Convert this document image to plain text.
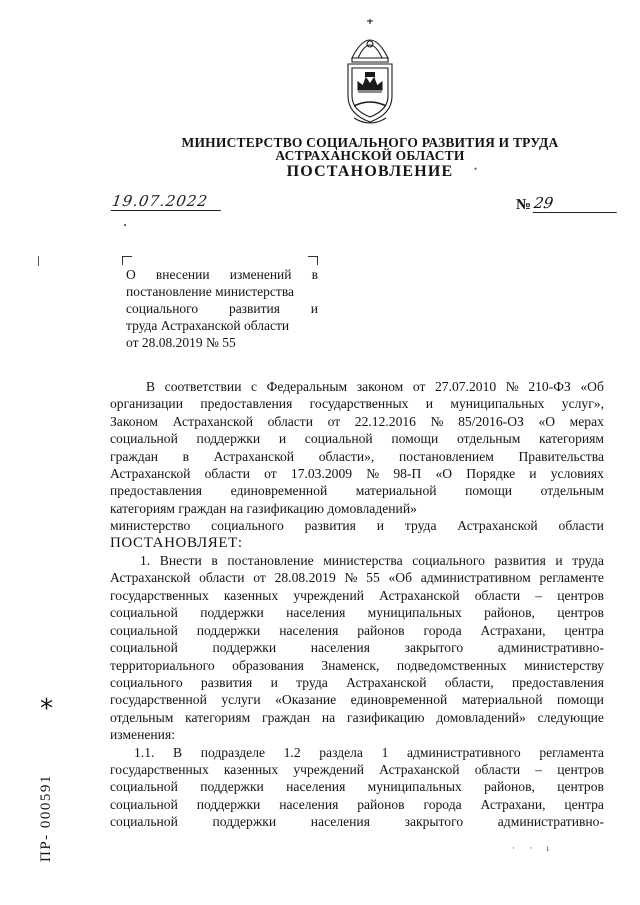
МИНИСТЕРСТВО СОЦИАЛЬНОГО РАЗВИТИЯ И ТРУДА
АСТРАХАНСКОЙ ОБЛАСТИ
ПОСТАНОВЛЕНИЕ	•
19.07.2022	№ 29
О внесении изменений в
постановление министерства
социального развития и
труда Астраханской области
от 28.08.2019 № 55
В соответствии с Федеральным законом от 27.07.2010 № 210-ФЗ «Об
организации предоставления государственных и муниципальных услуг»,
Законом Астраханской области от 22.12.2016 № 85/2016-ОЗ «О мерах
социальной поддержки и социальной помощи отдельным категориям
граждан в Астраханской области», постановлением Правительства
Астраханской области от 17.03.2009 № 98-П «О Порядке и условиях
предоставления единовременной материальной помощи отдельным
категориям граждан на газификацию домовладений»
министерство социального развития и труда Астраханской области
ПОСТАНОВЛЯЕТ:
1. Внести в постановление министерства социального развития и труда
Астраханской области от 28.08.2019 № 55 «Об административном регламенте
государственных казенных учреждений Астраханской области – центров
социальной поддержки населения муниципальных районов, центров
социальной поддержки населения районов города Астрахани, центра
социальной	поддержки	населения	закрытого	административно-
территориального образования Знаменск, подведомственных министерству
социального развития и труда Астраханской области, предоставления
государственной услуги «Оказание единовременной материальной помощи
отдельным категориям граждан на газификацию домовладений» следующие
изменения:
1.1. В подразделе 1.2 раздела 1 административного регламента
государственных казенных учреждений Астраханской области – центров
социальной поддержки населения муниципальных районов, центров
социальной поддержки населения районов города Астрахани, центра
социальной	поддержки	населения	закрытого	административно-
*
ПР- 000591	· · ı
